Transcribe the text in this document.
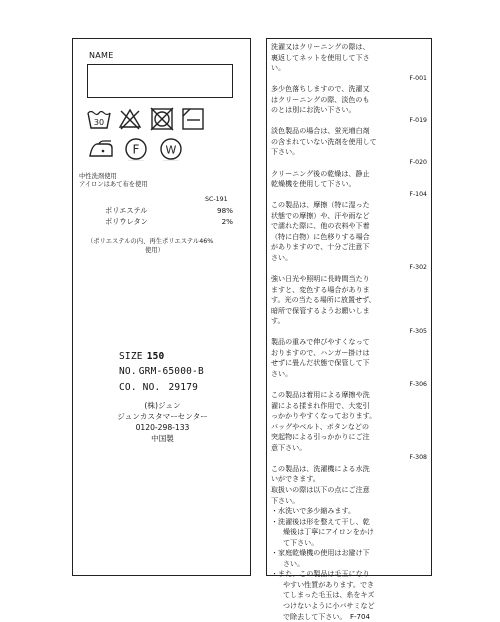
NAME
30
F W
中性洗剤使用
アイロンはあて布を使用
SC-191
ポリエステル	98%
ポリウレタン	2%
（ポリエステルの内、再生ポリエステル46%
使用）
SIZE 150
NO. GRM-65000-B
CO. NO. 29179
(株)ジュン
ジュンカスタマーセンター
0120-298-133
中国製
洗濯又はクリーニングの際は、
裏返してネットを使用して下さ
い。
F-001
多少色落ちしますので、洗濯又
はクリーニングの際、淡色のも
のとは別にお洗い下さい。
F-019
淡色製品の場合は、蛍光増白剤
の含まれていない洗剤を使用して
下さい。
F-020
クリーニング後の乾燥は、静止
乾燥機を使用して下さい。
F-104
この製品は、摩擦（特に湿った
状態での摩擦）や、汗や雨など
で濡れた際に、他の衣料や下着
（特に白物）に色移りする場合
がありますので、十分ご注意下
さい。
F-302
強い日光や照明に長時間当たり
ますと、変色する場合がありま
す。光の当たる場所に放置せず、
暗所で保管するようお願いしま
す。
F-305
製品の重みで伸びやすくなって
おりますので、ハンガー掛けは
せずに畳んだ状態で保管して下
さい。
F-306
この製品は着用による摩擦や洗
濯による揉まれ作用で、大変引
っかかりやすくなっております。
バッグやベルト、ボタンなどの
突起物による引っかかりにご注
意下さい。
F-308
この製品は、洗濯機による水洗
いができます。
取扱いの際は以下の点にご注意
下さい。
・水洗いで多少縮みます。
・洗濯後は形を整えて干し、乾
燥後は丁寧にアイロンをかけ
て下さい。
・家庭乾燥機の使用はお避け下
さい。
・また、この製品は毛玉になり
やすい性質があります。でき
てしまった毛玉は、糸をキズ
つけないように小バサミなど
で除去して下さい。　F-704
